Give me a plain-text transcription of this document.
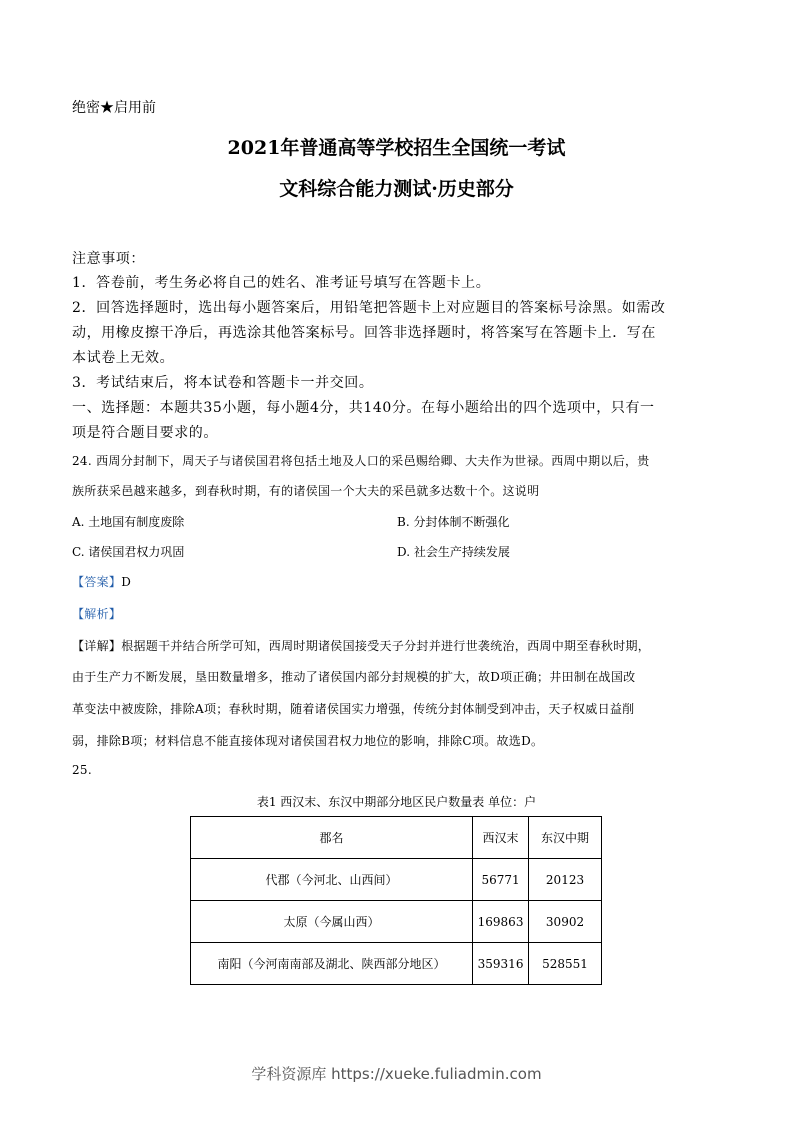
绝密★启用前
2021年普通高等学校招生全国统一考试
文科综合能力测试·历史部分
注意事项：
1．答卷前，考生务必将自己的姓名、准考证号填写在答题卡上。
2．回答选择题时，选出每小题答案后，用铅笔把答题卡上对应题目的答案标号涂黑。如需改
动，用橡皮擦干净后，再选涂其他答案标号。回答非选择题时，将答案写在答题卡上．写在
本试卷上无效。
3．考试结束后，将本试卷和答题卡一并交回。
一、选择题：本题共35小题，每小题4分，共140分。在每小题给出的四个选项中，只有一
项是符合题目要求的。
24. 西周分封制下，周天子与诸侯国君将包括土地及人口的采邑赐给卿、大夫作为世禄。西周中期以后，贵
族所获采邑越来越多，到春秋时期，有的诸侯国一个大夫的采邑就多达数十个。这说明
A. 土地国有制度废除	B. 分封体制不断强化
C. 诸侯国君权力巩固	D. 社会生产持续发展
【答案】D
【解析】
【详解】根据题干并结合所学可知，西周时期诸侯国接受天子分封并进行世袭统治，西周中期至春秋时期，
由于生产力不断发展，垦田数量增多，推动了诸侯国内部分封规模的扩大，故D项正确；井田制在战国改
革变法中被废除，排除A项；春秋时期，随着诸侯国实力增强，传统分封体制受到冲击，天子权威日益削
弱，排除B项；材料信息不能直接体现对诸侯国君权力地位的影响，排除C项。故选D。
25.
表1 西汉末、东汉中期部分地区民户数量表 单位：户
郡名	西汉末	东汉中期
代郡（今河北、山西间）	56771	20123
太原（今属山西）	169863	30902
南阳（今河南南部及湖北、陕西部分地区）	359316	528551
学科资源库 https://xueke.fuliadmin.com
